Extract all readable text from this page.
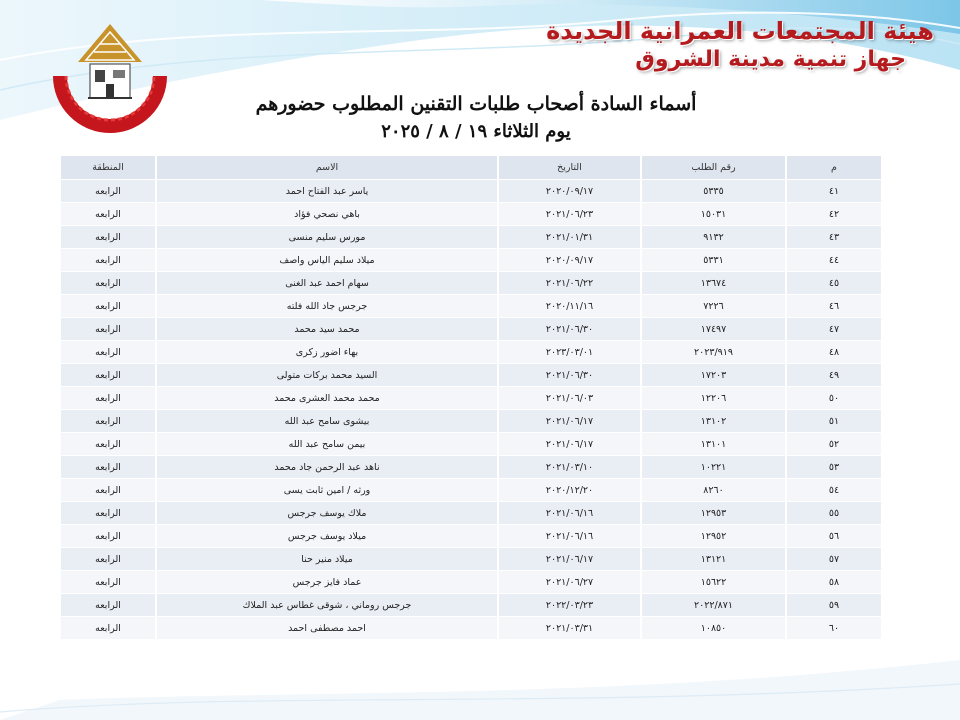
هيئة المجتمعات العمرانية الجديدة
جهاز تنمية مدينة الشروق
أسماء السادة أصحاب طلبات التقنين المطلوب حضورهم
يوم الثلاثاء ١٩ / ٨ / ٢٠٢٥
م	رقم الطلب	التاريخ	الاسم	المنطقة
٤١	٥٣٣٥	٢٠٢٠/٠٩/١٧	ياسر عبد الفتاح احمد	الرابعه
٤٢	١٥٠٣١	٢٠٢١/٠٦/٢٣	باهي نصحي فؤاد	الرابعه
٤٣	٩١٣٢	٢٠٢١/٠١/٣١	مورس سليم منسى	الرابعه
٤٤	٥٣٣١	٢٠٢٠/٠٩/١٧	ميلاد سليم الياس واصف	الرابعه
٤٥	١٣٦٧٤	٢٠٢١/٠٦/٢٢	سهام احمد عبد الغنى	الرابعه
٤٦	٧٢٢٦	٢٠٢٠/١١/١٦	جرجس جاد الله فلته	الرابعه
٤٧	١٧٤٩٧	٢٠٢١/٠٦/٣٠	محمد سيد محمد	الرابعه
٤٨	٢٠٢٣/٩١٩	٢٠٢٣/٠٣/٠١	بهاء اضور زكرى	الرابعه
٤٩	١٧٢٠٣	٢٠٢١/٠٦/٣٠	السيد محمد بركات متولى	الرابعه
٥٠	١٢٢٠٦	٢٠٢١/٠٦/٠٣	محمد محمد العشرى محمد	الرابعه
٥١	١٣١٠٢	٢٠٢١/٠٦/١٧	بيشوى سامح عبد الله	الرابعه
٥٢	١٣١٠١	٢٠٢١/٠٦/١٧	بيمن سامح عبد الله	الرابعه
٥٣	١٠٢٢١	٢٠٢١/٠٣/١٠	ناهد عبد الرحمن جاد محمد	الرابعه
٥٤	٨٢٦٠	٢٠٢٠/١٢/٢٠	ورثه / امين ثابت يسى	الرابعه
٥٥	١٢٩٥٣	٢٠٢١/٠٦/١٦	ملاك يوسف جرجس	الرابعه
٥٦	١٢٩٥٢	٢٠٢١/٠٦/١٦	ميلاد يوسف جرجس	الرابعه
٥٧	١٣١٢١	٢٠٢١/٠٦/١٧	ميلاد منير حنا	الرابعه
٥٨	١٥٦٢٢	٢٠٢١/٠٦/٢٧	عماد فايز جرجس	الرابعه
٥٩	٢٠٢٢/٨٧١	٢٠٢٢/٠٣/٢٣	جرجس روماني ، شوقى غطاس عبد الملاك	الرابعه
٦٠	١٠٨٥٠	٢٠٢١/٠٣/٣١	احمد مصطفى احمد	الرابعه
